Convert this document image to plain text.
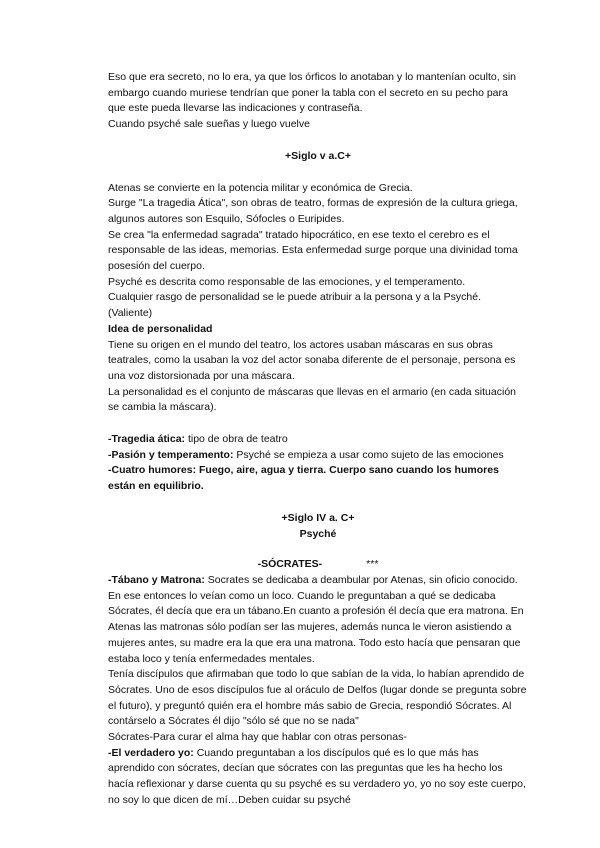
Eso que era secreto, no lo era, ya que los órficos lo anotaban y lo mantenían oculto, sin embargo cuando muriese tendrían que poner la tabla con el secreto en su pecho para que este pueda llevarse las indicaciones y contraseña.

Cuando psyché sale sueñas y luego vuelve

+Siglo v a.C+

Atenas se convierte en la potencia militar y económica de Grecia.

Surge "La tragedia Ática", son obras de teatro, formas de expresión de la cultura griega, algunos autores son Esquilo, Sófocles o Euripides.

Se crea "la enfermedad sagrada" tratado hipocrático, en ese texto el cerebro es el responsable de las ideas, memorias. Esta enfermedad surge porque una divinidad toma posesión del cuerpo.

Psyché es descrita como responsable de las emociones, y el temperamento.

Cualquier rasgo de personalidad se le puede atribuir a la persona y a la Psyché. (Valiente)

Idea de personalidad

Tiene su origen en el mundo del teatro, los actores usaban máscaras en sus obras teatrales, como la usaban la voz del actor sonaba diferente de el personaje, persona es una voz distorsionada por una máscara.

La personalidad es el conjunto de máscaras que llevas en el armario (en cada situación se cambia la máscara).

-Tragedia ática: tipo de obra de teatro

-Pasión y temperamento: Psyché se empieza a usar como sujeto de las emociones

-Cuatro humores: Fuego, aire, agua y tierra. Cuerpo sano cuando los humores están en equilibrio.

+Siglo IV a. C+

Psyché

-SÓCRATES-	***

-Tábano y Matrona: Socrates se dedicaba a deambular por Atenas, sin oficio conocido. En ese entonces lo veían como un loco. Cuando le preguntaban a qué se dedicaba Sócrates, él decía que era un tábano.En cuanto a profesión él decía que era matrona. En Atenas las matronas sólo podían ser las mujeres, además nunca le vieron asistiendo a mujeres antes, su madre era la que era una matrona. Todo esto hacía que pensaran que estaba loco y tenía enfermedades mentales.

Tenía discípulos que afirmaban que todo lo que sabían de la vida, lo habían aprendido de Sócrates. Uno de esos discípulos fue al oráculo de Delfos (lugar donde se pregunta sobre el futuro), y preguntó quién era el hombre más sabio de Grecia, respondió Sócrates. Al contárselo a Sócrates él dijo "sólo sé que no se nada"

Sócrates-Para curar el alma hay que hablar con otras personas-

-El verdadero yo: Cuando preguntaban a los discípulos qué es lo que más has aprendido con sócrates, decían que sócrates con las preguntas que les ha hecho los hacía reflexionar y darse cuenta qu su psyché es su verdadero yo, yo no soy este cuerpo, no soy lo que dicen de mí…Deben cuidar su psyché
